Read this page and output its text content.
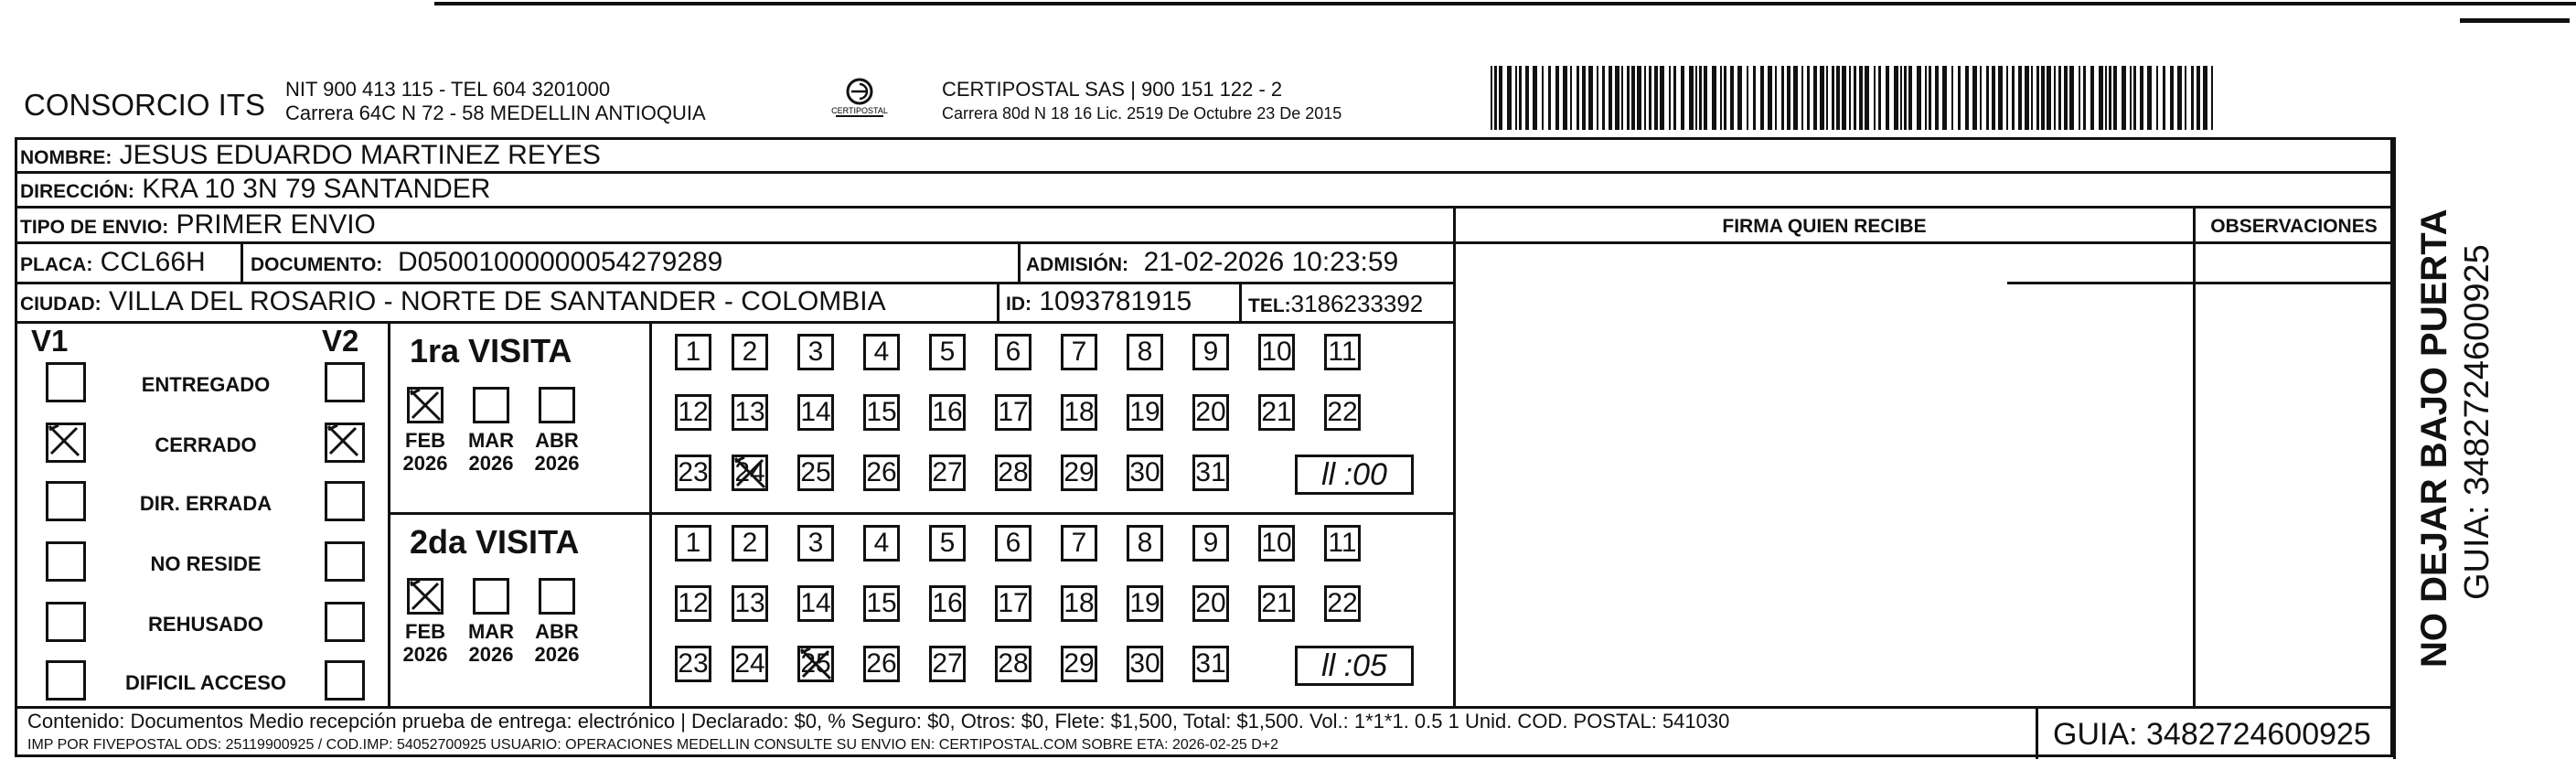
CONSORCIO ITS NIT 900 413 115 - TEL 604 3201000
Carrera 64C N 72 - 58 MEDELLIN ANTIOQUIA	CERTIPOSTAL
CERTIPOSTAL SAS | 900 151 122 - 2
Carrera 80d N 18 16 Lic. 2519 De Octubre 23 De 2015
NOMBRE: JESUS EDUARDO MARTINEZ REYES
DIRECCIÓN: KRA 10 3N 79 SANTANDER
TIPO DE ENVIO: PRIMER ENVIO
PLACA: CCL66H DOCUMENTO: D05001000000054279289	ADMISIÓN: 21-02-2026 10:23:59
CIUDAD: VILLA DEL ROSARIO - NORTE DE SANTANDER - COLOMBIA	ID: 1093781915	TEL:3186233392
FIRMA QUIEN RECIBE	OBSERVACIONES
V1	V2
ENTREGADO
CERRADO
DIR. ERRADA
NO RESIDE
REHUSADO
DIFICIL ACCESO
1ra VISITA
FEB
2026
MAR
2026
ABR
2026
1	2	3	4	5	6	7	8	9	10 11
12 13 14 15 16 17 18 19 20 21 22
23 24 25 26 27 28 29 30 31	ll :00
2da VISITA
FEB
2026
MAR
2026
ABR
2026
1	2	3	4	5	6	7	8	9	10 11
12 13 14 15 16 17 18 19 20 21 22
23 24 25 26 27 28 29 30 31	ll :05
Contenido: Documentos Medio recepción prueba de entrega: electrónico | Declarado: $0, % Seguro: $0, Otros: $0, Flete: $1,500, Total: $1,500. Vol.: 1*1*1. 0.5 1 Unid. COD. POSTAL: 541030
IMP POR FIVEPOSTAL ODS: 25119900925 / COD.IMP: 54052700925 USUARIO: OPERACIONES MEDELLIN CONSULTE SU ENVIO EN: CERTIPOSTAL.COM SOBRE ETA: 2026-02-25 D+2	GUIA: 3482724600925
NO DEJAR BAJO PUERTA GUIA: 3482724600925
